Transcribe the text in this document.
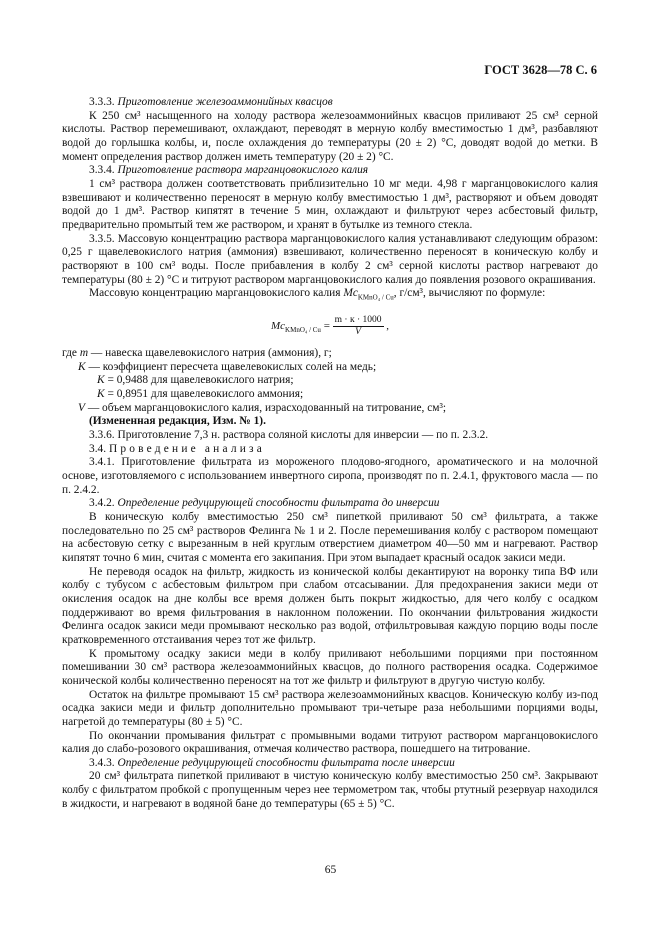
ГОСТ 3628—78 С. 6

3.3.3. Приготовление железоаммонийных квасцов

К 250 см³ насыщенного на холоду раствора железоаммонийных квасцов приливают 25 см³ серной кислоты. Раствор перемешивают, охлаждают, переводят в мерную колбу вместимостью 1 дм³, разбавляют водой до горлышка колбы, и, после охлаждения до температуры (20 ± 2) °С, доводят водой до метки. В момент определения раствор должен иметь температуру (20 ± 2) °С.

3.3.4. Приготовление раствора марганцовокислого калия

1 см³ раствора должен соответствовать приблизительно 10 мг меди. 4,98 г марганцовокислого калия взвешивают и количественно переносят в мерную колбу вместимостью 1 дм³, растворяют и объем доводят водой до 1 дм³. Раствор кипятят в течение 5 мин, охлаждают и фильтруют через асбестовый фильтр, предварительно промытый тем же раствором, и хранят в бутылке из темного стекла.

3.3.5. Массовую концентрацию раствора марганцовокислого калия устанавливают следующим образом: 0,25 г щавелевокислого натрия (аммония) взвешивают, количественно переносят в коническую колбу и растворяют в 100 см³ воды. После прибавления в колбу 2 см³ серной кислоты раствор нагревают до температуры (80 ± 2) °С и титруют раствором марганцовокислого калия до появления розового окрашивания.

Массовую концентрацию марганцовокислого калия $Mc_{KMnO_4 / Cu}$, г/см³, вычисляют по формуле:

$Mc_{KMnO_4 / Cu} = \frac{m \cdot к \cdot 1000}{V}$ ,

где m — навеска щавелевокислого натрия (аммония), г;

K — коэффициент пересчета щавелевокислых солей на медь;

K = 0,9488 для щавелевокислого натрия;

K = 0,8951 для щавелевокислого аммония;

V — объем марганцовокислого калия, израсходованный на титрование, см³;

(Измененная редакция, Изм. № 1).

3.3.6. Приготовление 7,3 н. раствора соляной кислоты для инверсии — по п. 2.3.2.

3.4. Проведение анализа

3.4.1. Приготовление фильтрата из мороженого плодово-ягодного, ароматического и на молочной основе, изготовляемого с использованием инвертного сиропа, производят по п. 2.4.1, фруктового масла — по п. 2.4.2.

3.4.2. Определение редуцирующей способности фильтрата до инверсии

В коническую колбу вместимостью 250 см³ пипеткой приливают 50 см³ фильтрата, а также последовательно по 25 см³ растворов Фелинга № 1 и 2. После перемешивания колбу с раствором помещают на асбестовую сетку с вырезанным в ней круглым отверстием диаметром 40—50 мм и нагревают. Раствор кипятят точно 6 мин, считая с момента его закипания. При этом выпадает красный осадок закиси меди.

Не переводя осадок на фильтр, жидкость из конической колбы декантируют на воронку типа ВФ или колбу с тубусом с асбестовым фильтром при слабом отсасывании. Для предохранения закиси меди от окисления осадок на дне колбы все время должен быть покрыт жидкостью, для чего колбу с осадком поддерживают во время фильтрования в наклонном положении. По окончании фильтрования жидкости Фелинга осадок закиси меди промывают несколько раз водой, отфильтровывая каждую порцию воды после кратковременного отстаивания через тот же фильтр.

К промытому осадку закиси меди в колбу приливают небольшими порциями при постоянном помешивании 30 см³ раствора железоаммонийных квасцов, до полного растворения осадка. Содержимое конической колбы количественно переносят на тот же фильтр и фильтруют в другую чистую колбу.

Остаток на фильтре промывают 15 см³ раствора железоаммонийных квасцов. Коническую колбу из-под осадка закиси меди и фильтр дополнительно промывают три-четыре раза небольшими порциями воды, нагретой до температуры (80 ± 5) °С.

По окончании промывания фильтрат с промывными водами титруют раствором марганцовокислого калия до слабо-розового окрашивания, отмечая количество раствора, пошедшего на титрование.

3.4.3. Определение редуцирующей способности фильтрата после инверсии

20 см³ фильтрата пипеткой приливают в чистую коническую колбу вместимостью 250 см³. Закрывают колбу с фильтратом пробкой с пропущенным через нее термометром так, чтобы ртутный резервуар находился в жидкости, и нагревают в водяной бане до температуры (65 ± 5) °С.

65
